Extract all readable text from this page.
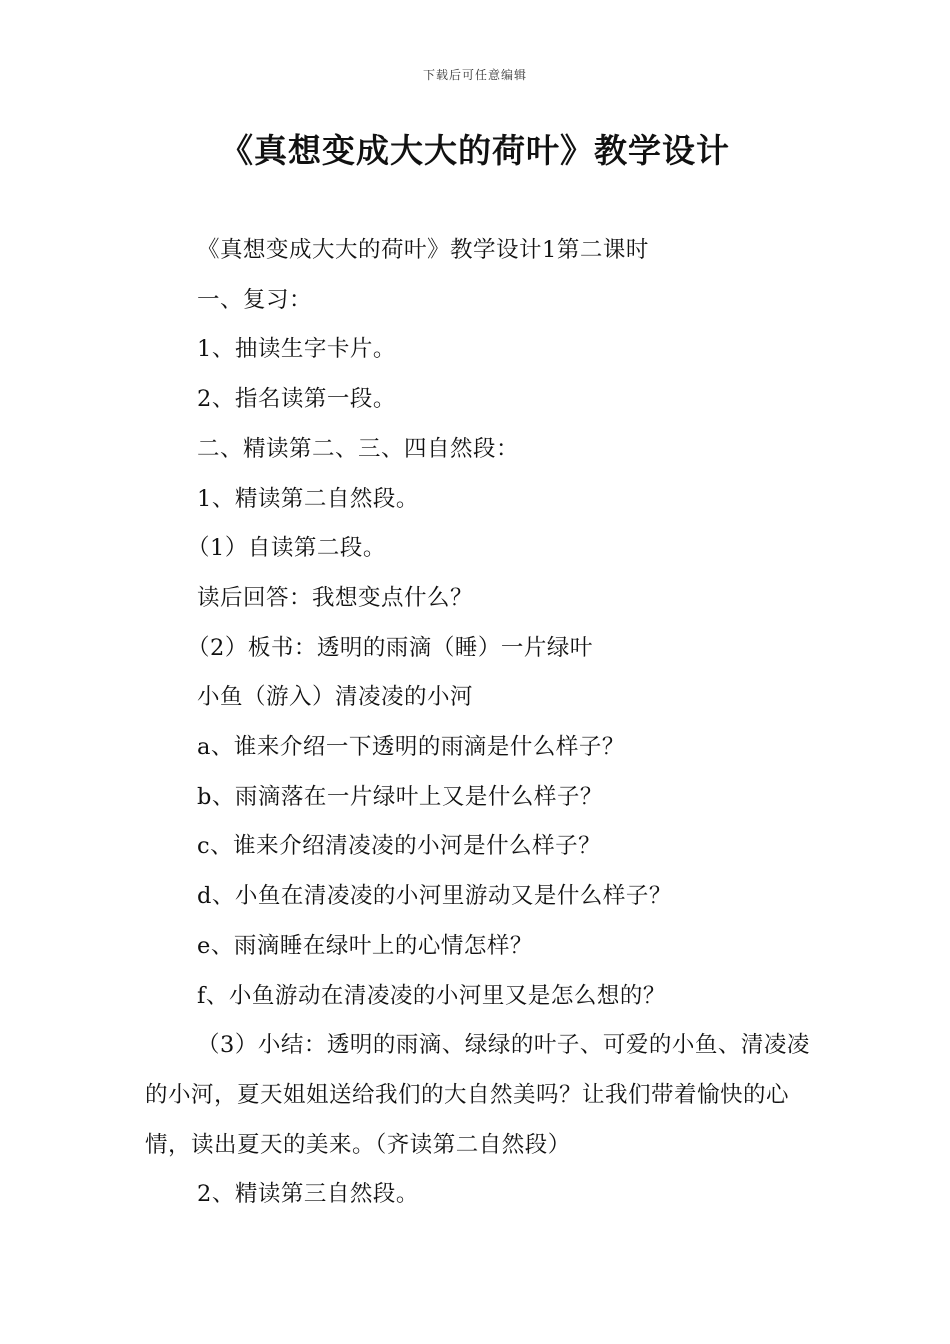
下载后可任意编辑
《真想变成大大的荷叶》教学设计

《真想变成大大的荷叶》教学设计1第二课时

一、复习：

1、抽读生字卡片。

2、指名读第一段。

二、精读第二、三、四自然段：

1、精读第二自然段。

（1）自读第二段。

读后回答：我想变点什么？

（2）板书：透明的雨滴（睡）一片绿叶

小鱼（游入）清凌凌的小河

a、谁来介绍一下透明的雨滴是什么样子？

b、雨滴落在一片绿叶上又是什么样子？

c、谁来介绍清凌凌的小河是什么样子？

d、小鱼在清凌凌的小河里游动又是什么样子？

e、雨滴睡在绿叶上的心情怎样？

f、小鱼游动在清凌凌的小河里又是怎么想的？

（3）小结：透明的雨滴、绿绿的叶子、可爱的小鱼、清凌凌的小河，夏天姐姐送给我们的大自然美吗？让我们带着愉快的心情，读出夏天的美来。（齐读第二自然段）

2、精读第三自然段。
